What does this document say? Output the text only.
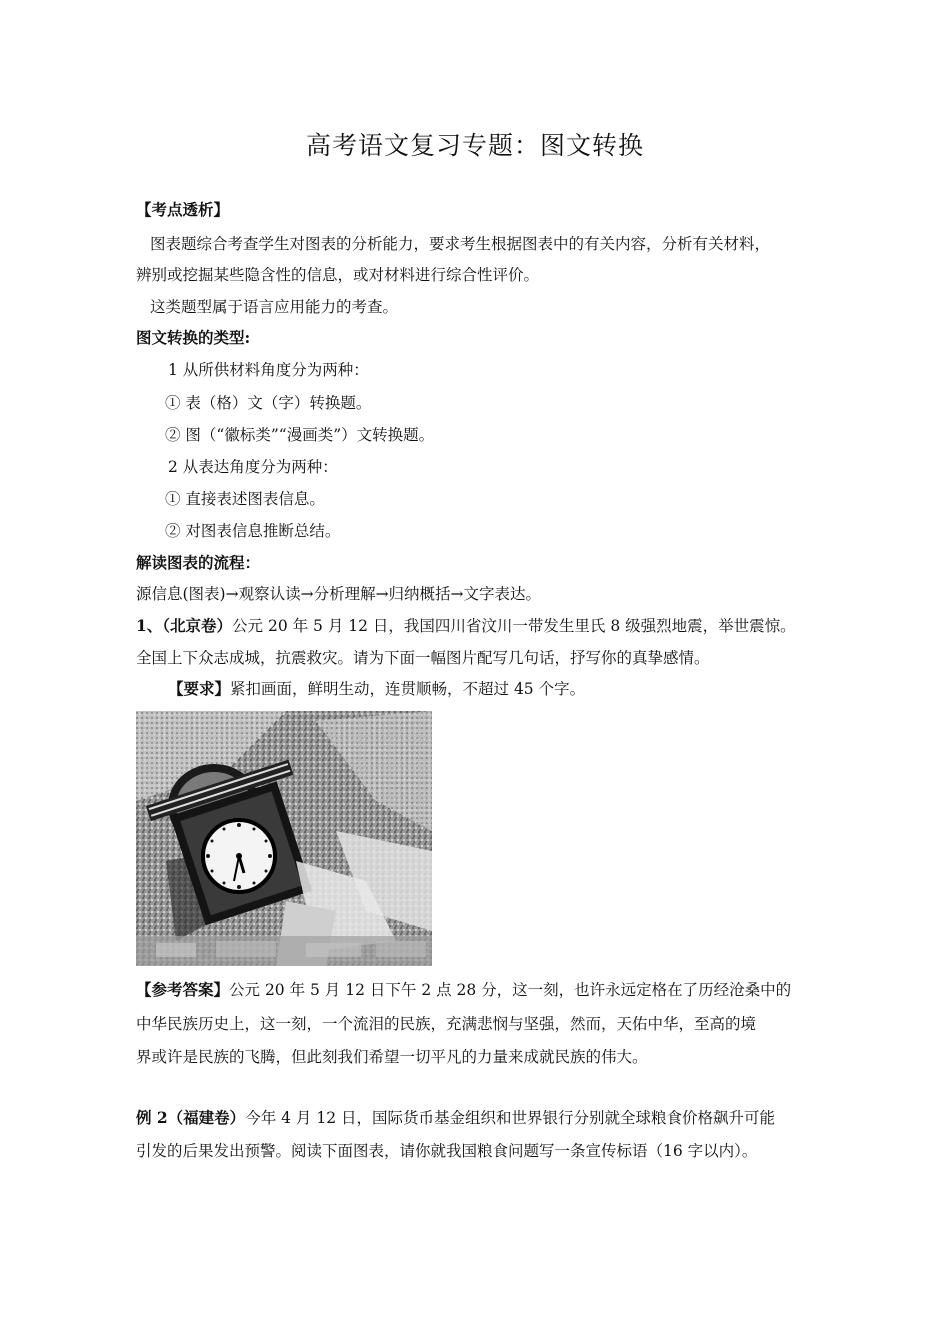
高考语文复习专题：图文转换
【考点透析】
图表题综合考查学生对图表的分析能力，要求考生根据图表中的有关内容，分析有关材料，
辨别或挖掘某些隐含性的信息，或对材料进行综合性评价。
这类题型属于语言应用能力的考查。
图文转换的类型:
1 从所供材料角度分为两种：
① 表（格）文（字）转换题。
② 图（“徽标类”“漫画类”）文转换题。
2 从表达角度分为两种：
① 直接表述图表信息。
② 对图表信息推断总结。
解读图表的流程：
源信息(图表)→观察认读→分析理解→归纳概括→文字表达。
1、（北京卷）公元 20 年 5 月 12 日，我国四川省汶川一带发生里氏 8 级强烈地震，举世震惊。
全国上下众志成城，抗震救灾。请为下面一幅图片配写几句话，抒写你的真挚感情。
【要求】紧扣画面，鲜明生动，连贯顺畅，不超过 45 个字。
【参考答案】公元 20 年 5 月 12 日下午 2 点 28 分，这一刻，也许永远定格在了历经沧桑中的
中华民族历史上，这一刻，一个流泪的民族，充满悲悯与坚强，然而，天佑中华，至高的境
界或许是民族的飞腾，但此刻我们希望一切平凡的力量来成就民族的伟大。
例 2（福建卷）今年 4 月 12 日，国际货币基金组织和世界银行分别就全球粮食价格飙升可能
引发的后果发出预警。阅读下面图表，请你就我国粮食问题写一条宣传标语（16 字以内）。
